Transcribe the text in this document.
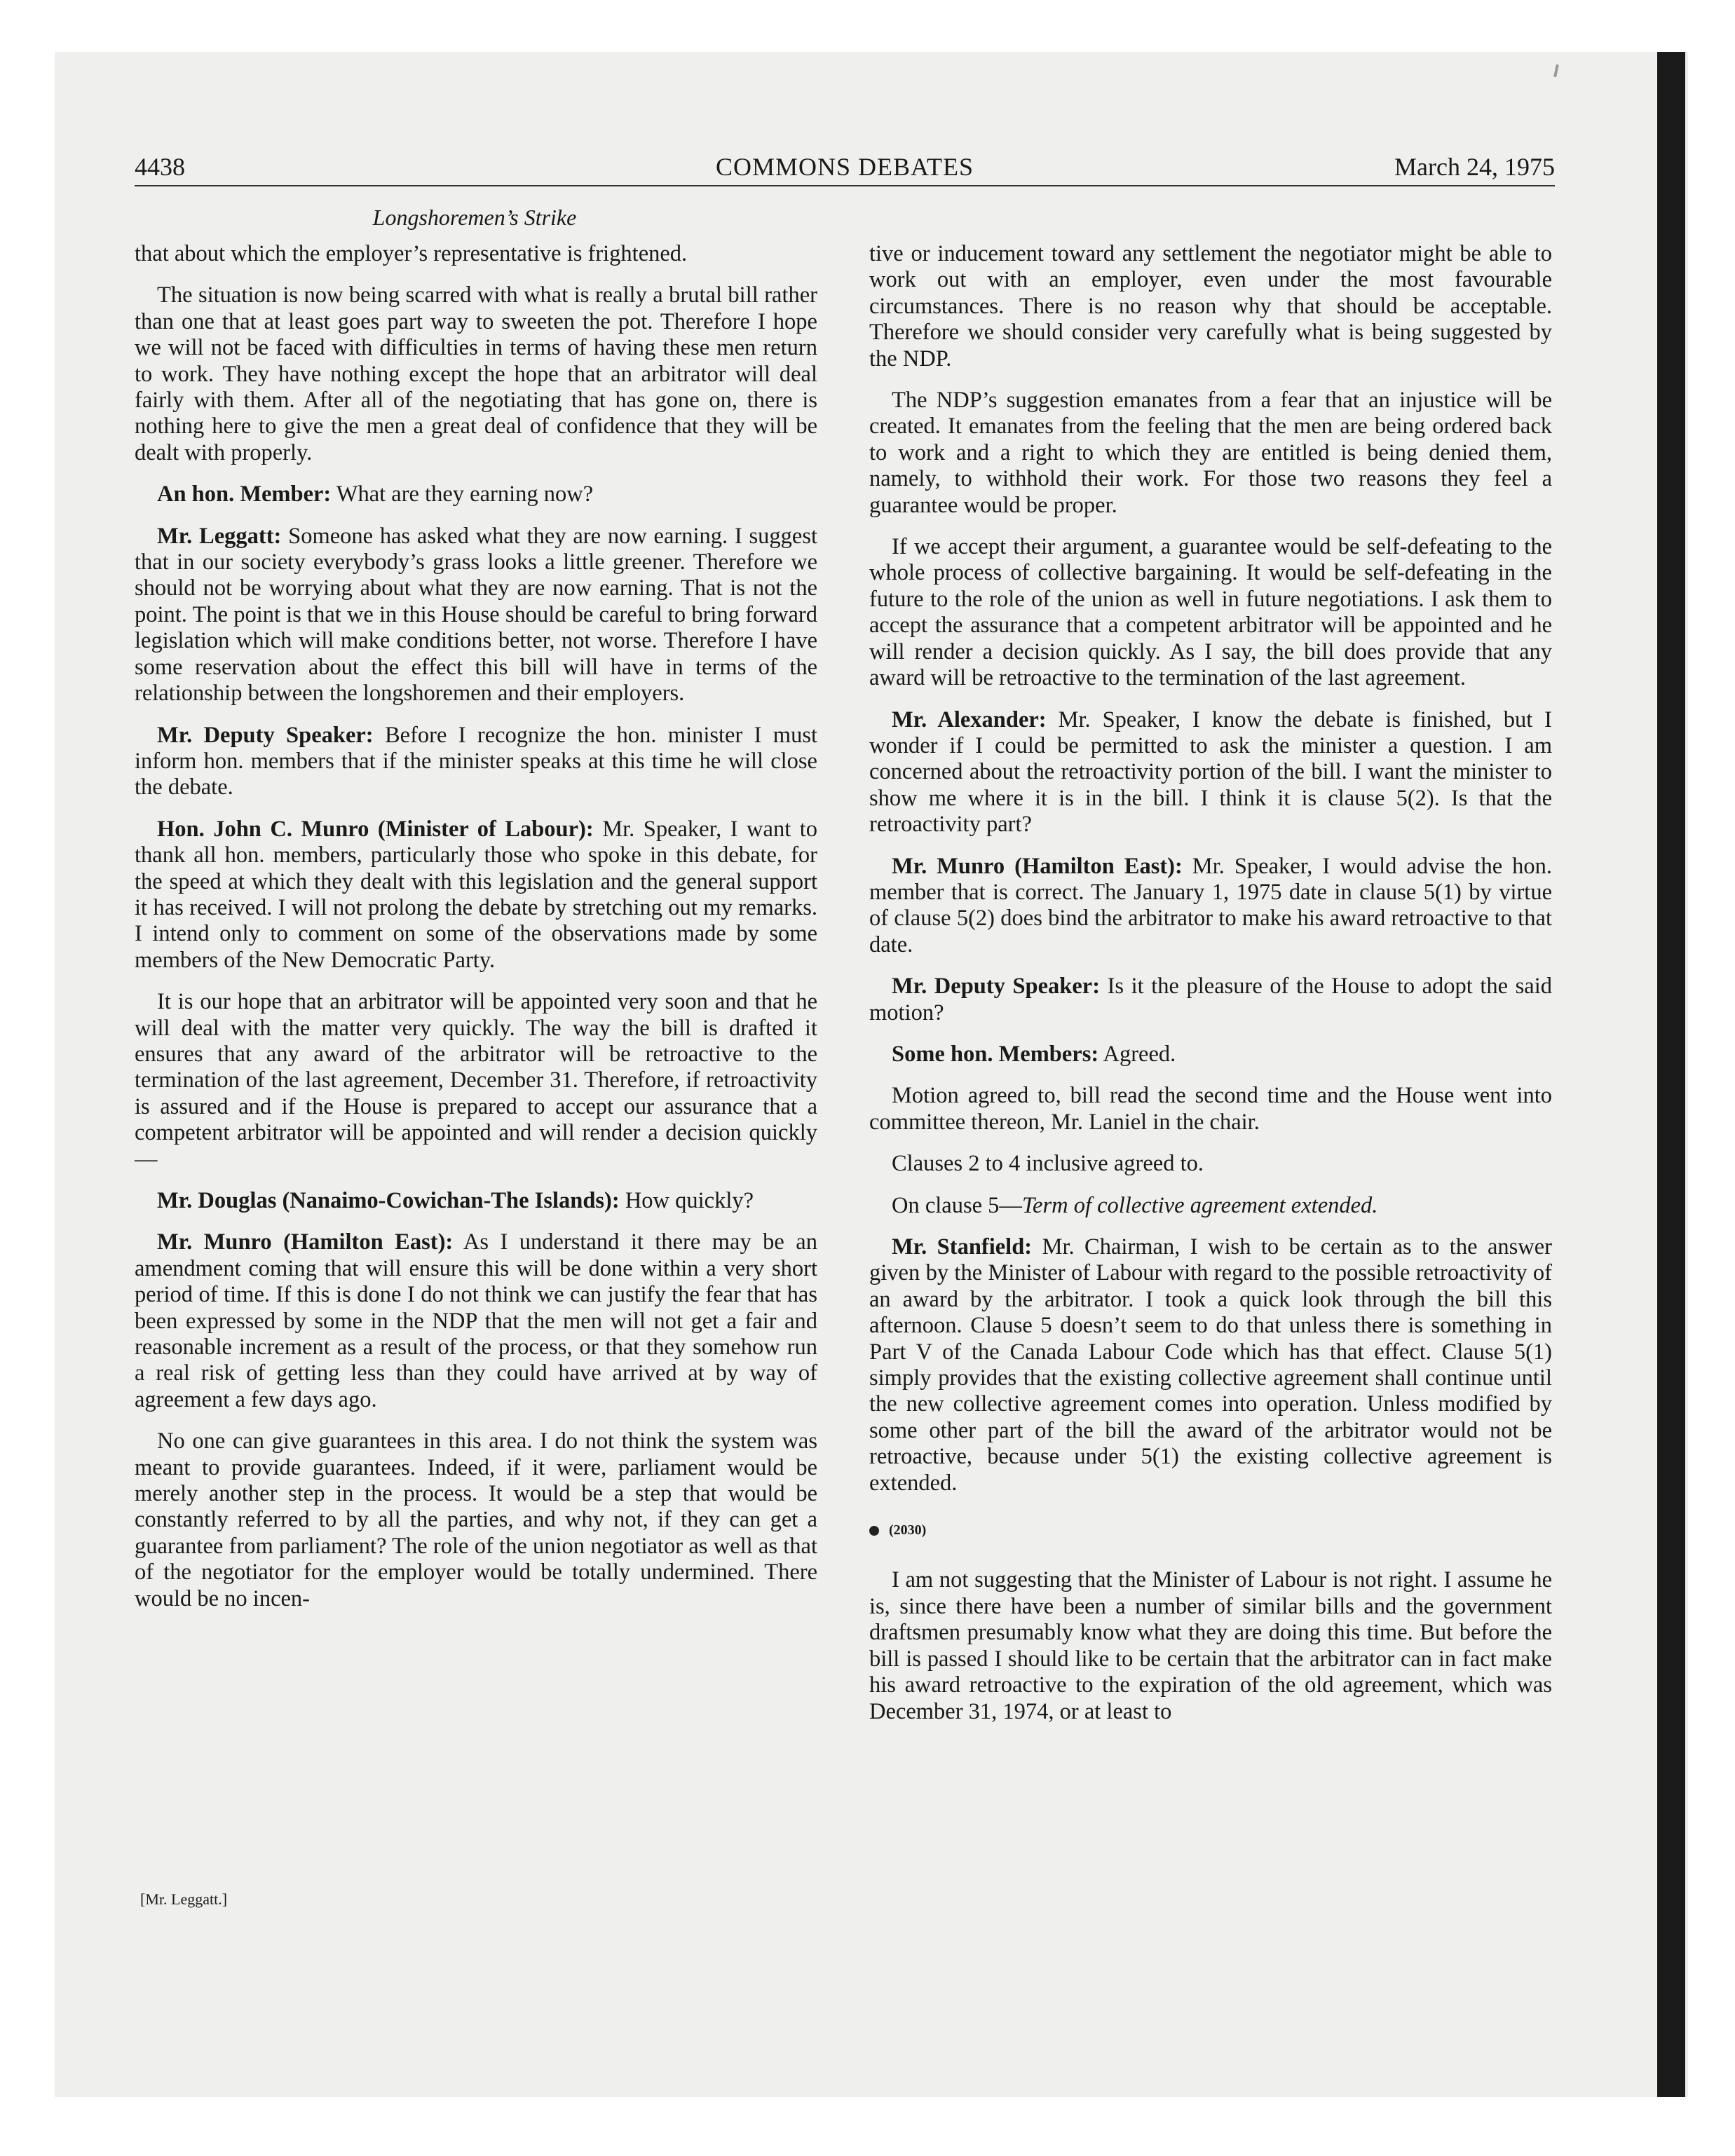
4438	COMMONS DEBATES	March 24, 1975
Longshoremen’s Strike

that about which the employer’s representative is frightened.

The situation is now being scarred with what is really a brutal bill rather than one that at least goes part way to sweeten the pot. Therefore I hope we will not be faced with difficulties in terms of having these men return to work. They have nothing except the hope that an arbitrator will deal fairly with them. After all of the negotiating that has gone on, there is nothing here to give the men a great deal of confidence that they will be dealt with properly.

An hon. Member: What are they earning now?

Mr. Leggatt: Someone has asked what they are now earning. I suggest that in our society everybody’s grass looks a little greener. Therefore we should not be worrying about what they are now earning. That is not the point. The point is that we in this House should be careful to bring forward legislation which will make conditions better, not worse. Therefore I have some reservation about the effect this bill will have in terms of the relationship between the longshoremen and their employers.

Mr. Deputy Speaker: Before I recognize the hon. minister I must inform hon. members that if the minister speaks at this time he will close the debate.

Hon. John C. Munro (Minister of Labour): Mr. Speaker, I want to thank all hon. members, particularly those who spoke in this debate, for the speed at which they dealt with this legislation and the general support it has received. I will not prolong the debate by stretching out my remarks. I intend only to comment on some of the observations made by some members of the New Democratic Party.

It is our hope that an arbitrator will be appointed very soon and that he will deal with the matter very quickly. The way the bill is drafted it ensures that any award of the arbitrator will be retroactive to the termination of the last agreement, December 31. Therefore, if retroactivity is assured and if the House is prepared to accept our assurance that a competent arbitrator will be appointed and will render a decision quickly—

Mr. Douglas (Nanaimo-Cowichan-The Islands): How quickly?

Mr. Munro (Hamilton East): As I understand it there may be an amendment coming that will ensure this will be done within a very short period of time. If this is done I do not think we can justify the fear that has been expressed by some in the NDP that the men will not get a fair and reasonable increment as a result of the process, or that they somehow run a real risk of getting less than they could have arrived at by way of agreement a few days ago.

No one can give guarantees in this area. I do not think the system was meant to provide guarantees. Indeed, if it were, parliament would be merely another step in the process. It would be a step that would be constantly referred to by all the parties, and why not, if they can get a guarantee from parliament? The role of the union negotiator as well as that of the negotiator for the employer would be totally undermined. There would be no incen-

tive or inducement toward any settlement the negotiator might be able to work out with an employer, even under the most favourable circumstances. There is no reason why that should be acceptable. Therefore we should consider very carefully what is being suggested by the NDP.

The NDP’s suggestion emanates from a fear that an injustice will be created. It emanates from the feeling that the men are being ordered back to work and a right to which they are entitled is being denied them, namely, to withhold their work. For those two reasons they feel a guarantee would be proper.

If we accept their argument, a guarantee would be self-defeating to the whole process of collective bargaining. It would be self-defeating in the future to the role of the union as well in future negotiations. I ask them to accept the assurance that a competent arbitrator will be appointed and he will render a decision quickly. As I say, the bill does provide that any award will be retroactive to the termination of the last agreement.

Mr. Alexander: Mr. Speaker, I know the debate is finished, but I wonder if I could be permitted to ask the minister a question. I am concerned about the retroactivity portion of the bill. I want the minister to show me where it is in the bill. I think it is clause 5(2). Is that the retroactivity part?

Mr. Munro (Hamilton East): Mr. Speaker, I would advise the hon. member that is correct. The January 1, 1975 date in clause 5(1) by virtue of clause 5(2) does bind the arbitrator to make his award retroactive to that date.

Mr. Deputy Speaker: Is it the pleasure of the House to adopt the said motion?

Some hon. Members: Agreed.

Motion agreed to, bill read the second time and the House went into committee thereon, Mr. Laniel in the chair.

Clauses 2 to 4 inclusive agreed to.

On clause 5—Term of collective agreement extended.

Mr. Stanfield: Mr. Chairman, I wish to be certain as to the answer given by the Minister of Labour with regard to the possible retroactivity of an award by the arbitrator. I took a quick look through the bill this afternoon. Clause 5 doesn’t seem to do that unless there is something in Part V of the Canada Labour Code which has that effect. Clause 5(1) simply provides that the existing collective agreement shall continue until the new collective agreement comes into operation. Unless modified by some other part of the bill the award of the arbitrator would not be retroactive, because under 5(1) the existing collective agreement is extended.

(2030)

I am not suggesting that the Minister of Labour is not right. I assume he is, since there have been a number of similar bills and the government draftsmen presumably know what they are doing this time. But before the bill is passed I should like to be certain that the arbitrator can in fact make his award retroactive to the expiration of the old agreement, which was December 31, 1974, or at least to

[Mr. Leggatt.]
